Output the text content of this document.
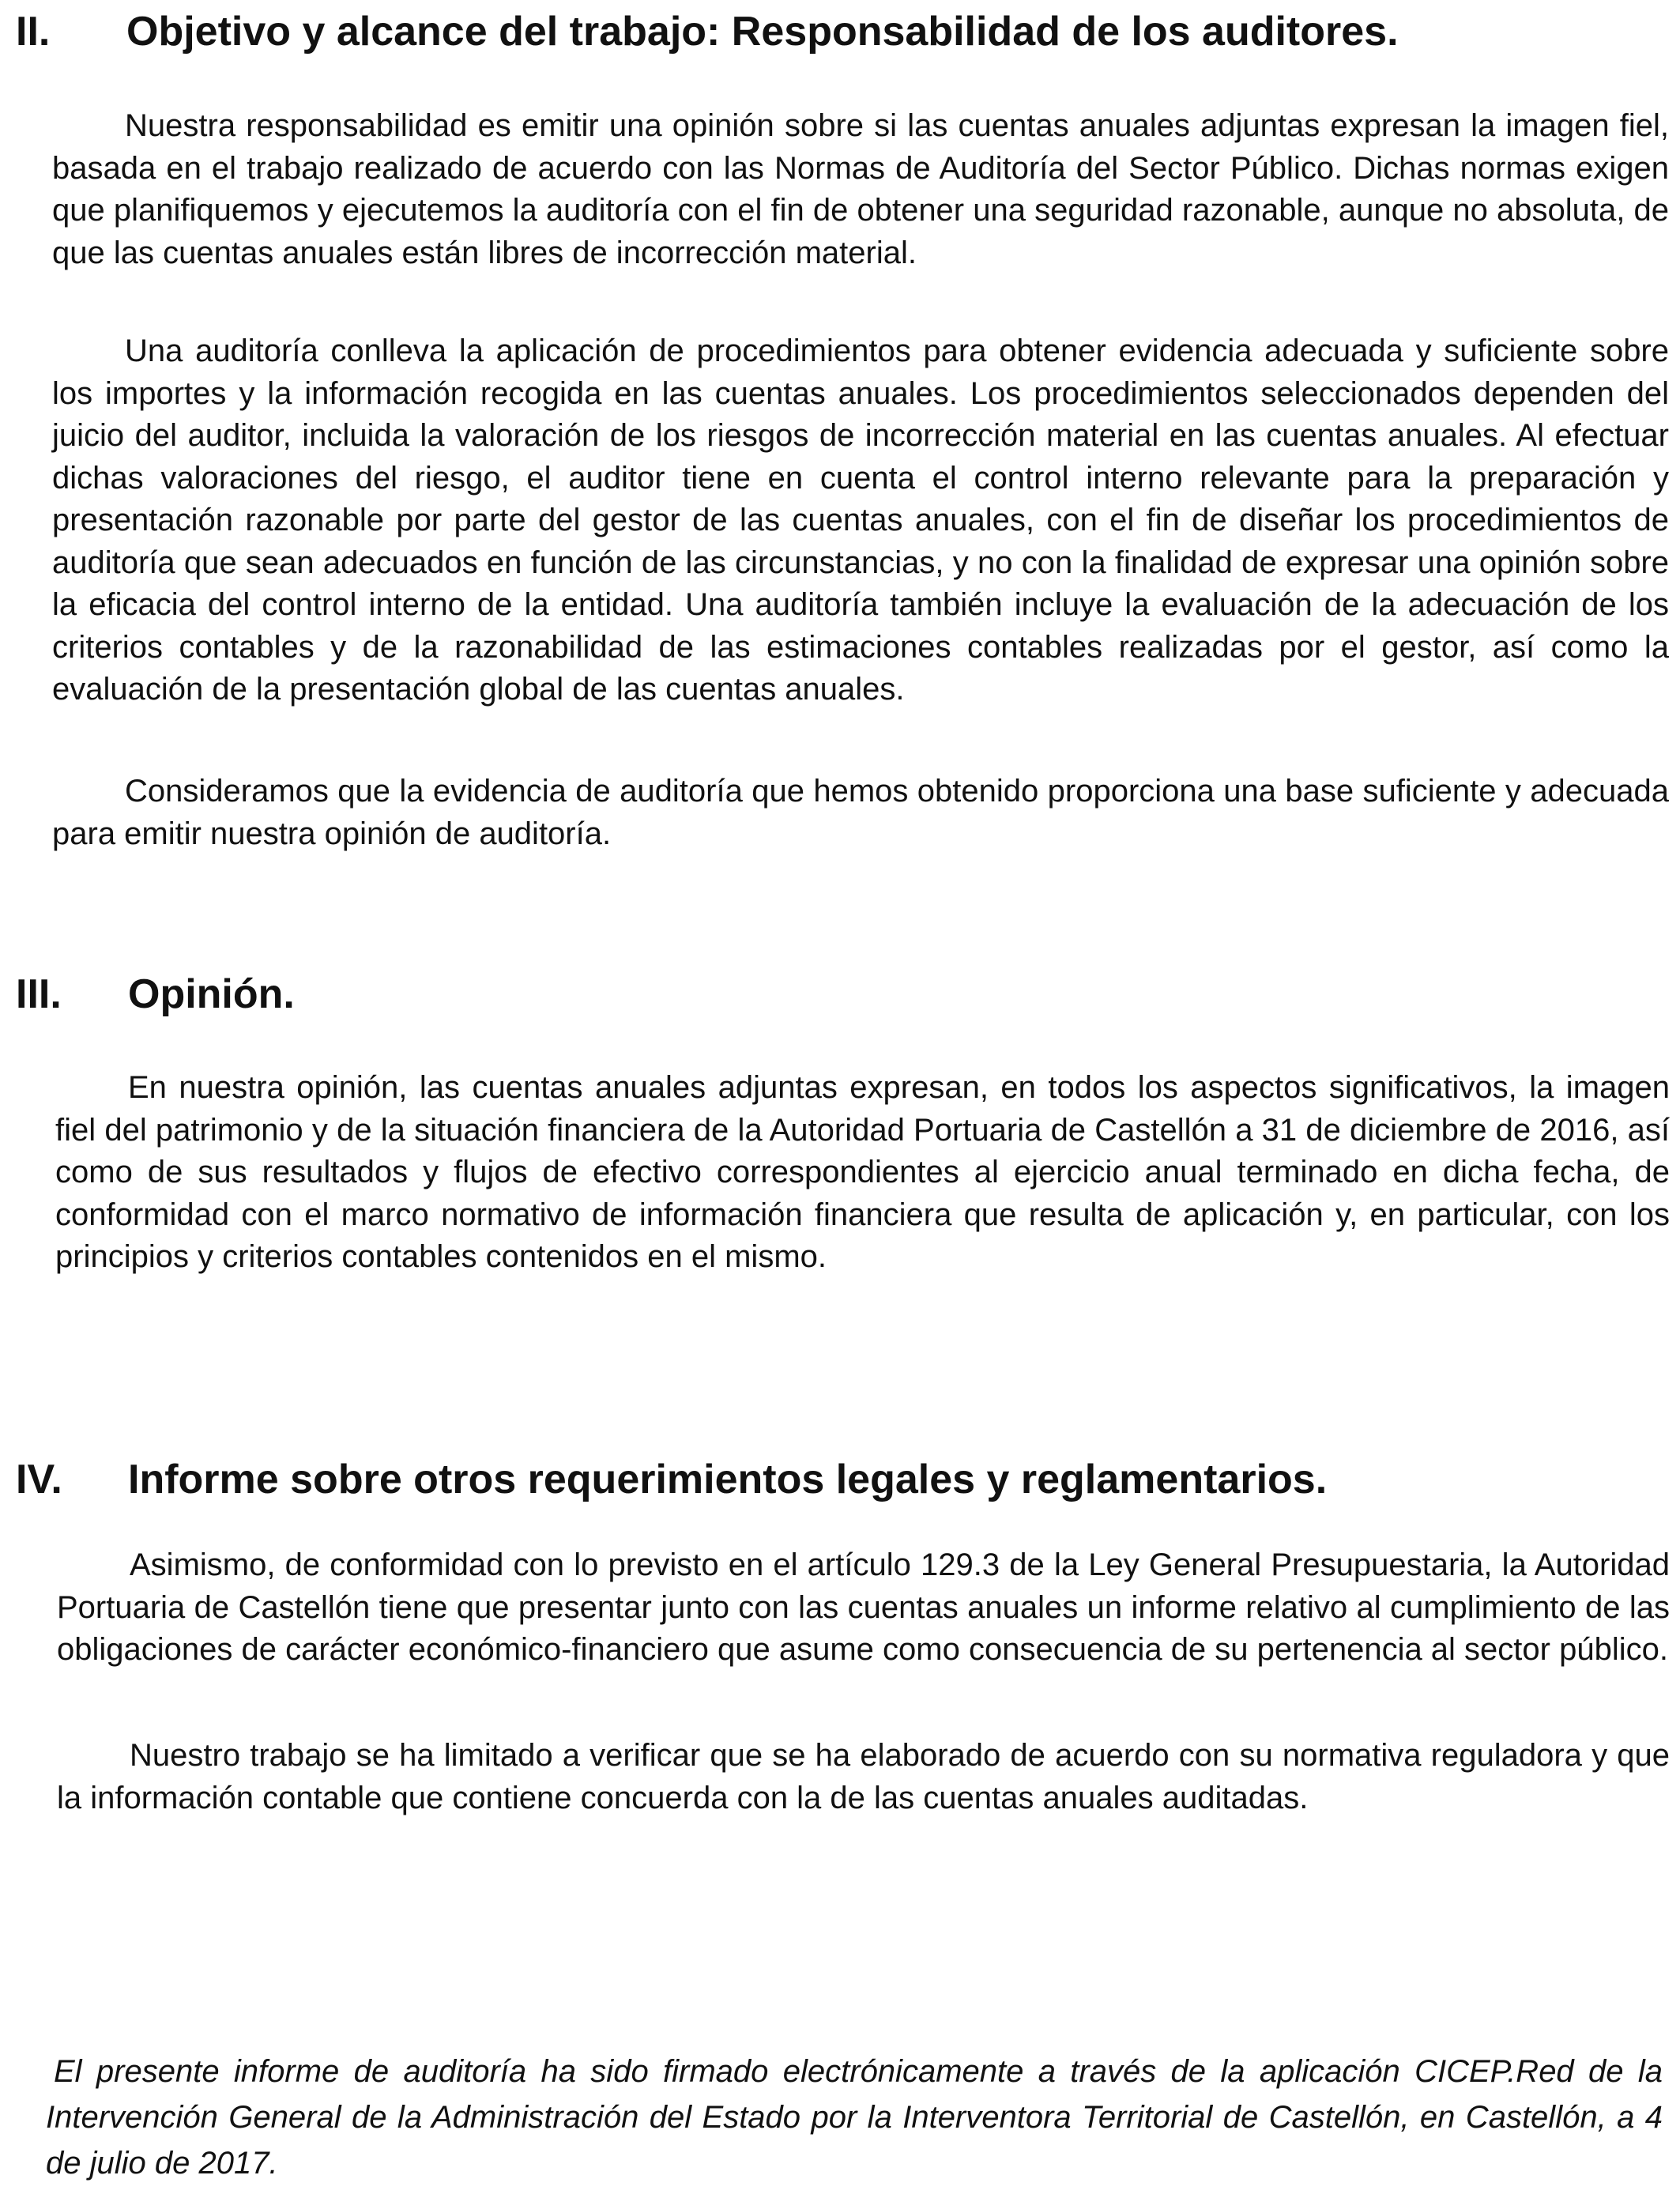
II. Objetivo y alcance del trabajo: Responsabilidad de los auditores.

Nuestra responsabilidad es emitir una opinión sobre si las cuentas anuales adjuntas expresan la imagen fiel, basada en el trabajo realizado de acuerdo con las Normas de Auditoría del Sector Público. Dichas normas exigen que planifiquemos y ejecutemos la auditoría con el fin de obtener una seguridad razonable, aunque no absoluta, de que las cuentas anuales están libres de incorrección material.

Una auditoría conlleva la aplicación de procedimientos para obtener evidencia adecuada y suficiente sobre los importes y la información recogida en las cuentas anuales. Los procedimientos seleccionados dependen del juicio del auditor, incluida la valoración de los riesgos de incorrección material en las cuentas anuales. Al efectuar dichas valoraciones del riesgo, el auditor tiene en cuenta el control interno relevante para la preparación y presentación razonable por parte del gestor de las cuentas anuales, con el fin de diseñar los procedimientos de auditoría que sean adecuados en función de las circunstancias, y no con la finalidad de expresar una opinión sobre la eficacia del control interno de la entidad. Una auditoría también incluye la evaluación de la adecuación de los criterios contables y de la razonabilidad de las estimaciones contables realizadas por el gestor, así como la evaluación de la presentación global de las cuentas anuales.

Consideramos que la evidencia de auditoría que hemos obtenido proporciona una base suficiente y adecuada para emitir nuestra opinión de auditoría.

III. Opinión.

En nuestra opinión, las cuentas anuales adjuntas expresan, en todos los aspectos significativos, la imagen fiel del patrimonio y de la situación financiera de la Autoridad Portuaria de Castellón a 31 de diciembre de 2016, así como de sus resultados y flujos de efectivo correspondientes al ejercicio anual terminado en dicha fecha, de conformidad con el marco normativo de información financiera que resulta de aplicación y, en particular, con los principios y criterios contables contenidos en el mismo.

IV. Informe sobre otros requerimientos legales y reglamentarios.

Asimismo, de conformidad con lo previsto en el artículo 129.3 de la Ley General Presupuestaria, la Autoridad Portuaria de Castellón tiene que presentar junto con las cuentas anuales un informe relativo al cumplimiento de las obligaciones de carácter económico-financiero que asume como consecuencia de su pertenencia al sector público.

Nuestro trabajo se ha limitado a verificar que se ha elaborado de acuerdo con su normativa reguladora y que la información contable que contiene concuerda con la de las cuentas anuales auditadas.

El presente informe de auditoría ha sido firmado electrónicamente a través de la aplicación CICEP.Red de la Intervención General de la Administración del Estado por la Interventora Territorial de Castellón, en Castellón, a 4 de julio de 2017.
